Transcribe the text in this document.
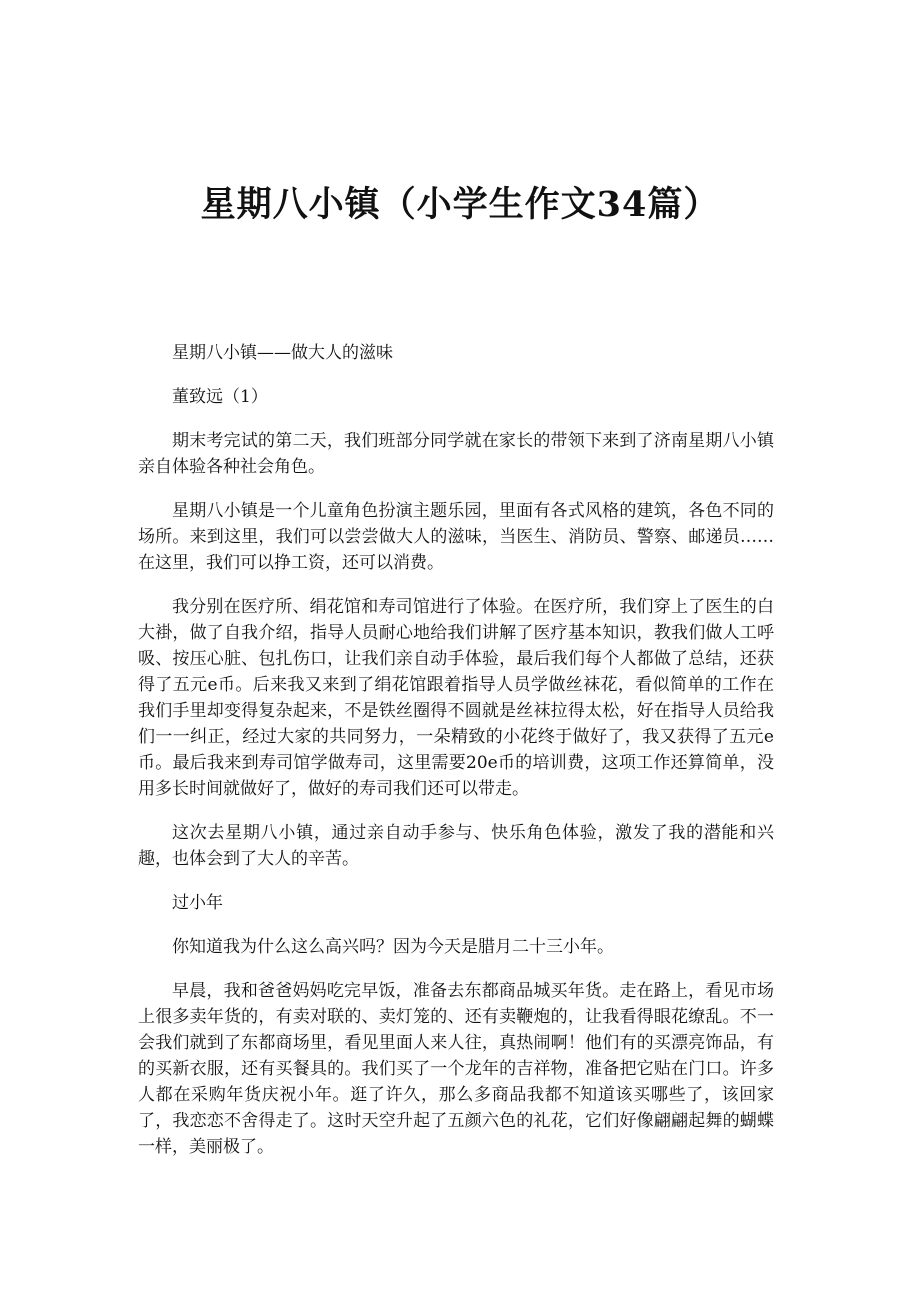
星期八小镇（小学生作文34篇）

星期八小镇——做大人的滋味

董致远（1）

期末考完试的第二天，我们班部分同学就在家长的带领下来到了济南星期八小镇亲自体验各种社会角色。

星期八小镇是一个儿童角色扮演主题乐园，里面有各式风格的建筑，各色不同的场所。来到这里，我们可以尝尝做大人的滋味，当医生、消防员、警察、邮递员……在这里，我们可以挣工资，还可以消费。

我分别在医疗所、绢花馆和寿司馆进行了体验。在医疗所，我们穿上了医生的白大褂，做了自我介绍，指导人员耐心地给我们讲解了医疗基本知识，教我们做人工呼吸、按压心脏、包扎伤口，让我们亲自动手体验，最后我们每个人都做了总结，还获得了五元e币。后来我又来到了绢花馆跟着指导人员学做丝袜花，看似简单的工作在我们手里却变得复杂起来，不是铁丝圈得不圆就是丝袜拉得太松，好在指导人员给我们一一纠正，经过大家的共同努力，一朵精致的小花终于做好了，我又获得了五元e币。最后我来到寿司馆学做寿司，这里需要20e币的培训费，这项工作还算简单，没用多长时间就做好了，做好的寿司我们还可以带走。

这次去星期八小镇，通过亲自动手参与、快乐角色体验，激发了我的潜能和兴趣，也体会到了大人的辛苦。

过小年

你知道我为什么这么高兴吗？因为今天是腊月二十三小年。

早晨，我和爸爸妈妈吃完早饭，准备去东都商品城买年货。走在路上，看见市场上很多卖年货的，有卖对联的、卖灯笼的、还有卖鞭炮的，让我看得眼花缭乱。不一会我们就到了东都商场里，看见里面人来人往，真热闹啊！他们有的买漂亮饰品，有的买新衣服，还有买餐具的。我们买了一个龙年的吉祥物，准备把它贴在门口。许多人都在采购年货庆祝小年。逛了许久，那么多商品我都不知道该买哪些了，该回家了，我恋恋不舍得走了。这时天空升起了五颜六色的礼花，它们好像翩翩起舞的蝴蝶一样，美丽极了。
